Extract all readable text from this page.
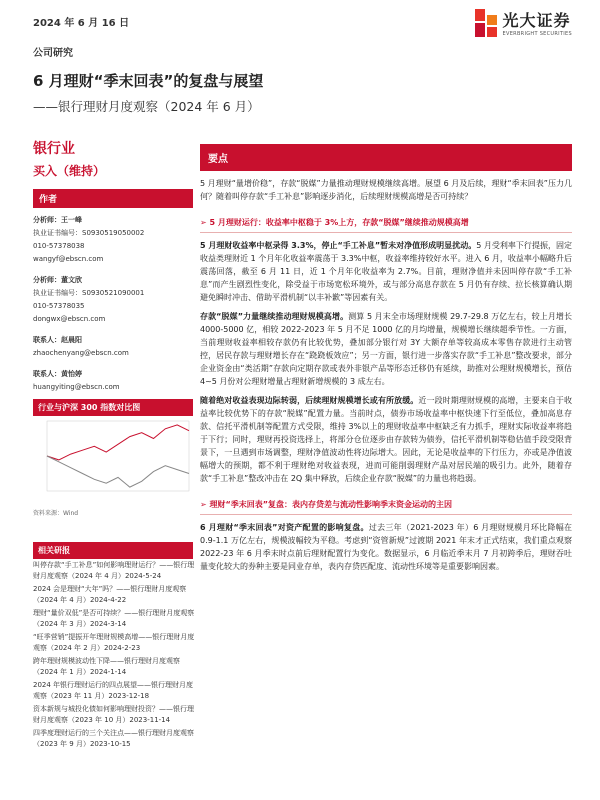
2024 年 6 月 16 日	光大证券
EVERBRIGHT SECURITIES
公司研究
6 月理财“季末回表”的复盘与展望
——银行理财月度观察（2024 年 6 月）
银行业
买入（维持）
作者
分析师：王一峰
执业证书编号：S0930519050002
010-57378038
wangyf@ebscn.com
分析师：董文欣
执业证书编号：S0930521090001
010-57378035
dongwx@ebscn.com
联系人：赵晨阳
zhaochenyang@ebscn.com
联系人：黄怡婷
huangyiting@ebscn.com
行业与沪深 300 指数对比图
资料来源：Wind
相关研报
叫停存款“手工补息”如何影响理财运行？——银行理财月度观察（2024 年 4 月）2024-5-24
2024 会是理财“大年”吗？——银行理财月度观察（2024 年 4 月）2024-4-22
理财“量价双低”是否可持续？——银行理财月度观察（2024 年 3 月）2024-3-14
“旺季营销”提振开年理财规模高增——银行理财月度观察（2024 年 2 月）2024-2-23
跨年理财规模波动性下降——银行理财月度观察（2024 年 1 月）2024-1-14
2024 年银行理财运行的四点展望——银行理财月度观察（2023 年 11 月）2023-12-18
资本新规与城投化债如何影响理财投资？——银行理财月度观察（2023 年 10 月）2023-11-14
四季度理财运行的三个关注点——银行理财月度观察（2023 年 9 月）2023-10-15
要点
5 月理财“量增价稳”，存款“脱媒”力量推动理财规模继续高增。展望 6 月及后续，理财“季末回表”压力几何？随着叫停存款“手工补息”影响逐步消化，后续理财规模高增是否可持续？
➢ 5 月理财运行：收益率中枢稳于 3%上方，存款“脱媒”继续推动规模高增
5 月理财收益率中枢录得 3.3%，停止“手工补息”暂未对净值形成明显扰动。5 月受利率下行提振，固定收益类理财近 1 个月年化收益率震荡于 3.3%中枢，收益率维持较好水平。进入 6 月，收益率小幅略升后震荡回落，截至 6 月 11 日，近 1 个月年化收益率为 2.7%。目前，理财净值并未因叫停存款“手工补息”而产生剧烈性变化，除受益于市场宽松环境外，或与部分高息存款在 5 月仍有存续、拉长核算确认期避免瞬时冲击、借助平滑机制“以丰补歉”等因素有关。
存款“脱媒”力量继续推动理财规模高增。测算 5 月末全市场理财规模 29.7-29.8 万亿左右，较上月增长 4000-5000 亿，相较 2022-2023 年 5 月不足 1000 亿的月均增量，规模增长继续超季节性。一方面，当前理财收益率相较存款仍有比较优势，叠加部分银行对 3Y 大额存单等较高成本零售存款进行主动管控，居民存款与理财增长存在“跷跷板效应”；另一方面，银行进一步落实存款“手工补息”整改要求，部分企业资金由“类活期”存款向定期存款或表外非银产品等形态迁移仍有延续，助推对公理财规模增长，预估 4~5 月份对公理财增量占理财新增规模的 3 成左右。
随着绝对收益表现边际转弱，后续理财规模增长或有所放缓。近一段时期理财规模的高增，主要来自于收益率比较优势下的存款“脱媒”配置力量。当前时点，债券市场收益率中枢快速下行至低位，叠加高息存款、信托平滑机制等配置方式受限，维持 3%以上的理财收益率中枢缺乏有力抓手，理财实际收益率将趋于下行；同时，理财再投资选择上，将部分仓位逐步由存款转为债券，信托平滑机制等稳估值手段受限背景下，一旦遇到市场调整，理财净值波动性将边际增大。因此，无论是收益率的下行压力，亦或是净值波幅增大的预期，都不利于理财绝对收益表现，进而可能削弱理财产品对居民端的吸引力。此外，随着存款“手工补息”整改冲击在 2Q 集中释放，后续企业存款“脱媒”的力量也将趋弱。
➢ 理财“季末回表”复盘：表内存贷差与流动性影响季末资金运动的主因
6 月理财“季末回表”对资产配置的影响复盘。过去三年（2021-2023 年）6 月理财规模月环比降幅在 0.9-1.1 万亿左右，规模波幅较为平稳。考虑到“资管新规”过渡期 2021 年末才正式结束，我们重点观察 2022-23 年 6 月季末时点前后理财配置行为变化。数据显示，6 月临近季末月 7 月初跨季后，理财吞吐量变化较大的券种主要是同业存单，表内存贷匹配度、流动性环境等是重要影响因素。
